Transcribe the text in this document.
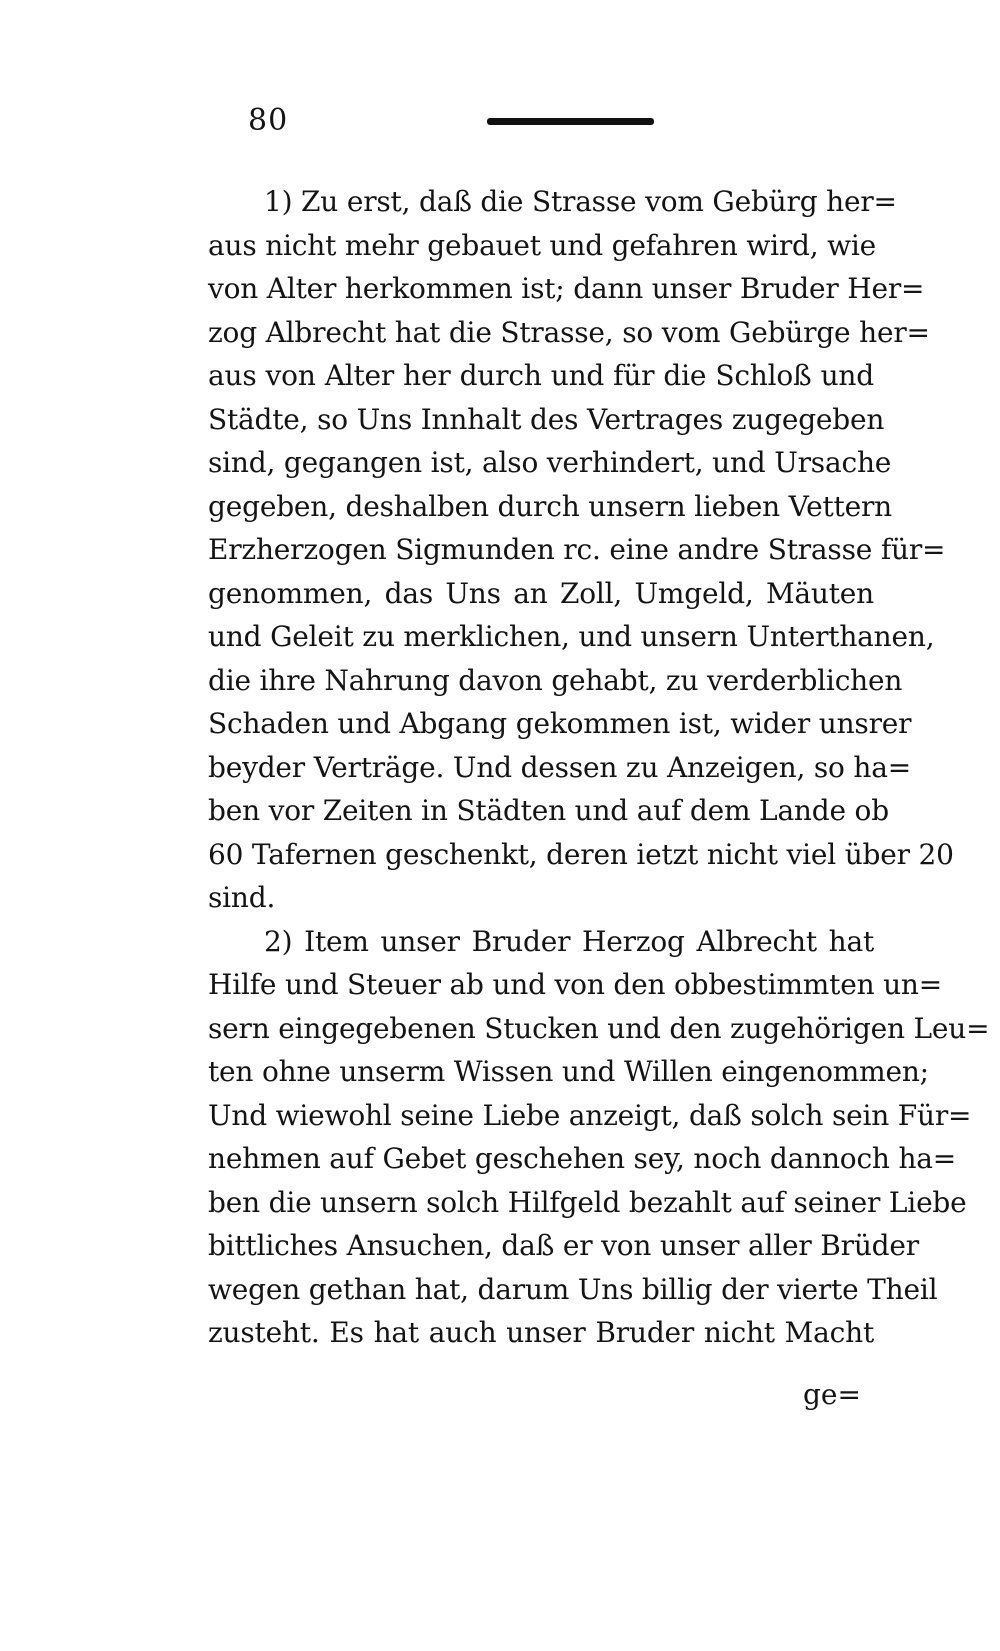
80
1) Zu erst, daß die Strasse vom Gebürg her=
aus nicht mehr gebauet und gefahren wird, wie
von Alter herkommen ist; dann unser Bruder Her=
zog Albrecht hat die Strasse, so vom Gebürge her=
aus von Alter her durch und für die Schloß und
Städte, so Uns Innhalt des Vertrages zugegeben
sind, gegangen ist, also verhindert, und Ursache
gegeben, deshalben durch unsern lieben Vettern
Erzherzogen Sigmunden rc. eine andre Strasse für=
genommen, das Uns an Zoll, Umgeld, Mäuten
und Geleit zu merklichen, und unsern Unterthanen,
die ihre Nahrung davon gehabt, zu verderblichen
Schaden und Abgang gekommen ist, wider unsrer
beyder Verträge. Und dessen zu Anzeigen, so ha=
ben vor Zeiten in Städten und auf dem Lande ob
60 Tafernen geschenkt, deren ietzt nicht viel über 20
sind.
2) Item unser Bruder Herzog Albrecht hat
Hilfe und Steuer ab und von den obbestimmten un=
sern eingegebenen Stucken und den zugehörigen Leu=
ten ohne unserm Wissen und Willen eingenommen;
Und wiewohl seine Liebe anzeigt, daß solch sein Für=
nehmen auf Gebet geschehen sey, noch dannoch ha=
ben die unsern solch Hilfgeld bezahlt auf seiner Liebe
bittliches Ansuchen, daß er von unser aller Brüder
wegen gethan hat, darum Uns billig der vierte Theil
zusteht. Es hat auch unser Bruder nicht Macht
ge=
